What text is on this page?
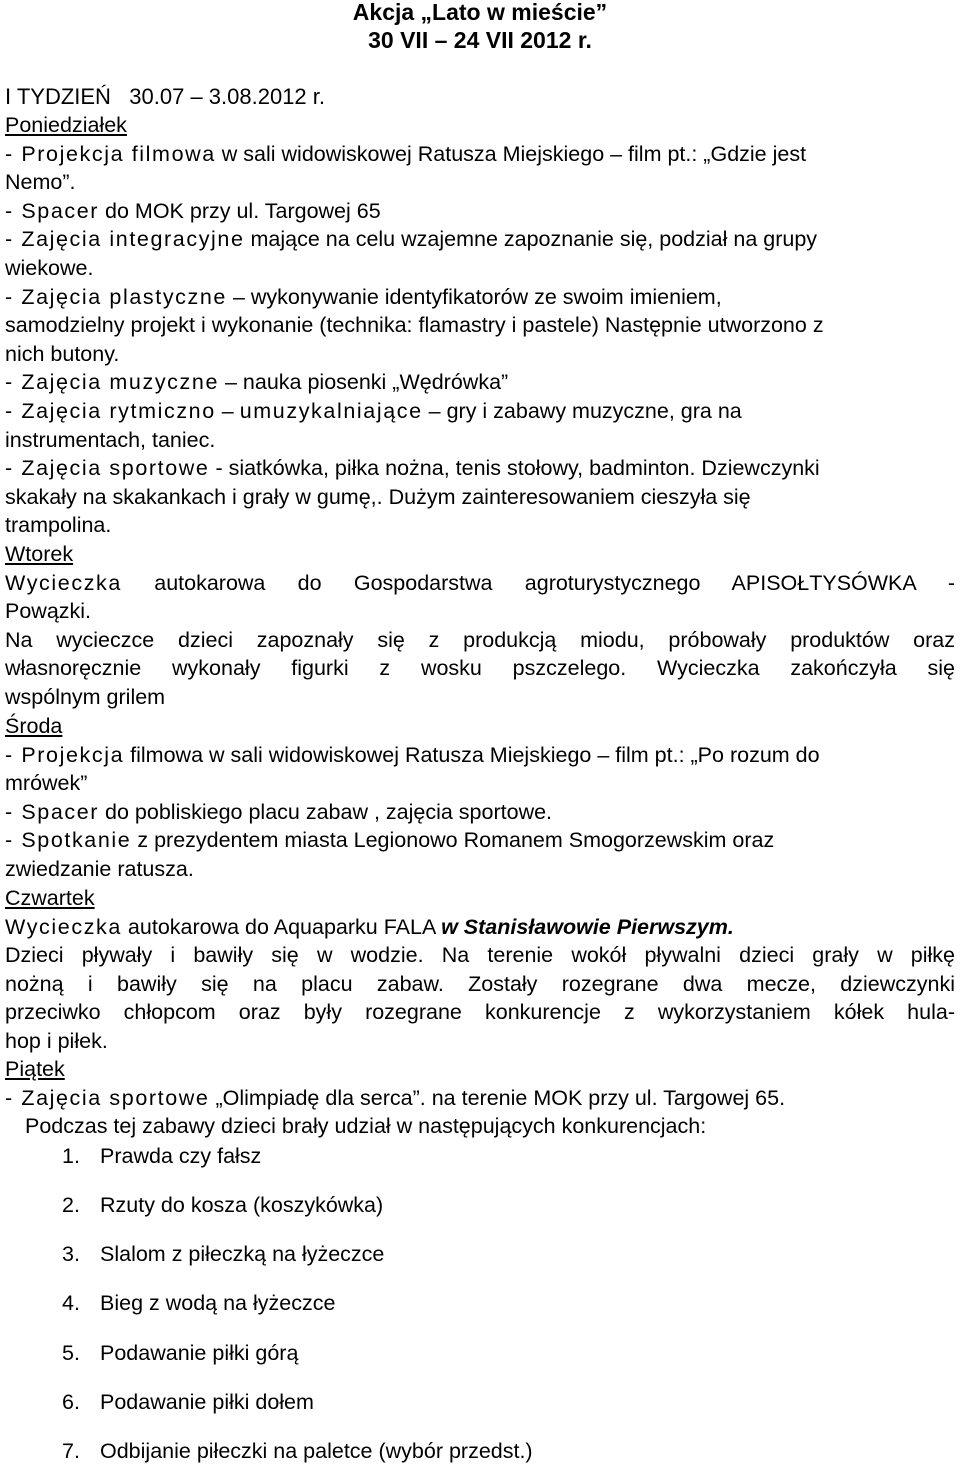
Akcja „Lato w mieście”
30 VII – 24 VII 2012 r.
I TYDZIEŃ   30.07 – 3.08.2012 r.
Poniedziałek
- Projekcja filmowa w sali widowiskowej Ratusza Miejskiego – film pt.: „Gdzie jest
Nemo”.
- Spacer do MOK przy ul. Targowej 65
- Zajęcia integracyjne mające na celu wzajemne zapoznanie się, podział na grupy
wiekowe.
- Zajęcia plastyczne – wykonywanie identyfikatorów ze swoim imieniem,
samodzielny projekt i wykonanie (technika: flamastry i pastele) Następnie utworzono z
nich butony.
- Zajęcia muzyczne – nauka piosenki „Wędrówka”
- Zajęcia rytmiczno – umuzykalniające – gry i zabawy muzyczne, gra na
instrumentach, taniec.
- Zajęcia sportowe - siatkówka, piłka nożna, tenis stołowy, badminton. Dziewczynki
skakały na skakankach i grały w gumę,. Dużym zainteresowaniem cieszyła się
trampolina.
Wtorek
Wycieczka autokarowa do Gospodarstwa agroturystycznego APISOŁTYSÓWKA -
Powązki.
Na wycieczce dzieci zapoznały się z produkcją miodu, próbowały produktów oraz
własnoręcznie wykonały figurki z wosku pszczelego. Wycieczka zakończyła się
wspólnym grilem
Środa
- Projekcja filmowa w sali widowiskowej Ratusza Miejskiego – film pt.: „Po rozum do
mrówek”
- Spacer do pobliskiego placu zabaw , zajęcia sportowe.
- Spotkanie z prezydentem miasta Legionowo Romanem Smogorzewskim oraz
zwiedzanie ratusza.
Czwartek
Wycieczka autokarowa do Aquaparku FALA w Stanisławowie Pierwszym.
Dzieci pływały i bawiły się w wodzie. Na terenie wokół pływalni dzieci grały w piłkę
nożną i bawiły się na placu zabaw. Zostały rozegrane dwa mecze, dziewczynki
przeciwko chłopcom oraz były rozegrane konkurencje z wykorzystaniem kółek hula-
hop i piłek.
Piątek
- Zajęcia sportowe „Olimpiadę dla serca”. na terenie MOK przy ul. Targowej 65.
Podczas tej zabawy dzieci brały udział w następujących konkurencjach:
1. Prawda czy fałsz
2. Rzuty do kosza (koszykówka)
3. Slalom z piłeczką na łyżeczce
4. Bieg z wodą na łyżeczce
5. Podawanie piłki górą
6. Podawanie piłki dołem
7. Odbijanie piłeczki na paletce (wybór przedst.)
